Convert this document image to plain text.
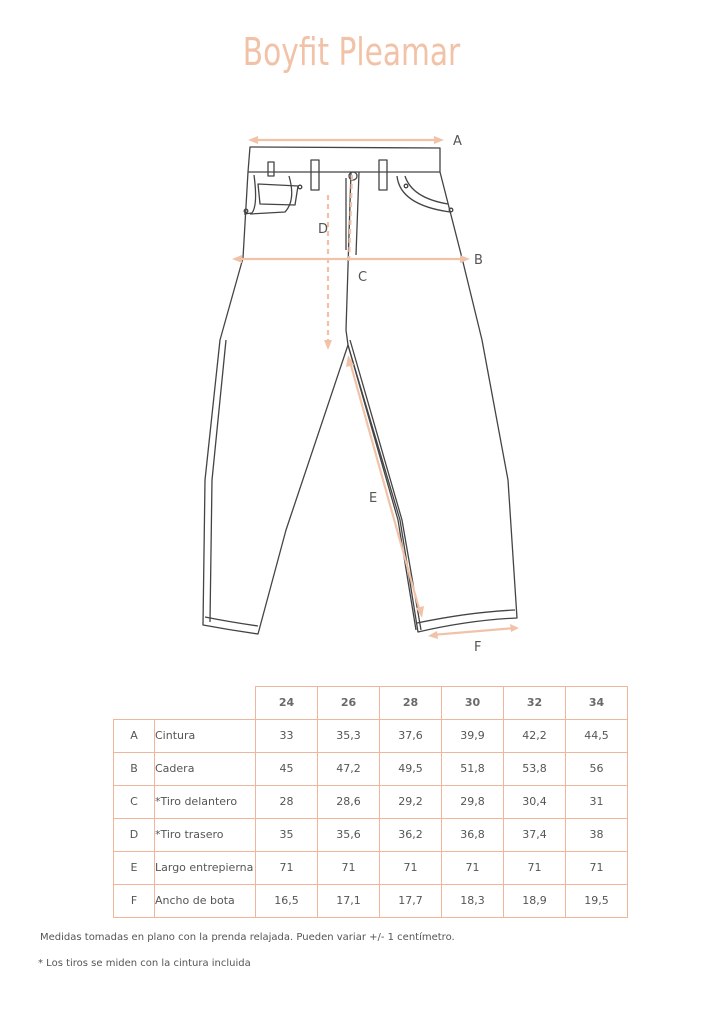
Boyfit Pleamar
A
B
C
D
E
F
		24	26	28	30	32	34
A	Cintura	33	35,3	37,6	39,9	42,2	44,5
B	Cadera	45	47,2	49,5	51,8	53,8	56
C	*Tiro delantero	28	28,6	29,2	29,8	30,4	31
D	*Tiro trasero	35	35,6	36,2	36,8	37,4	38
E	Largo entrepierna	71	71	71	71	71	71
F	Ancho de bota	16,5	17,1	17,7	18,3	18,9	19,5
Medidas tomadas en plano con la prenda relajada. Pueden variar +/- 1 centímetro.
* Los tiros se miden con la cintura incluida
